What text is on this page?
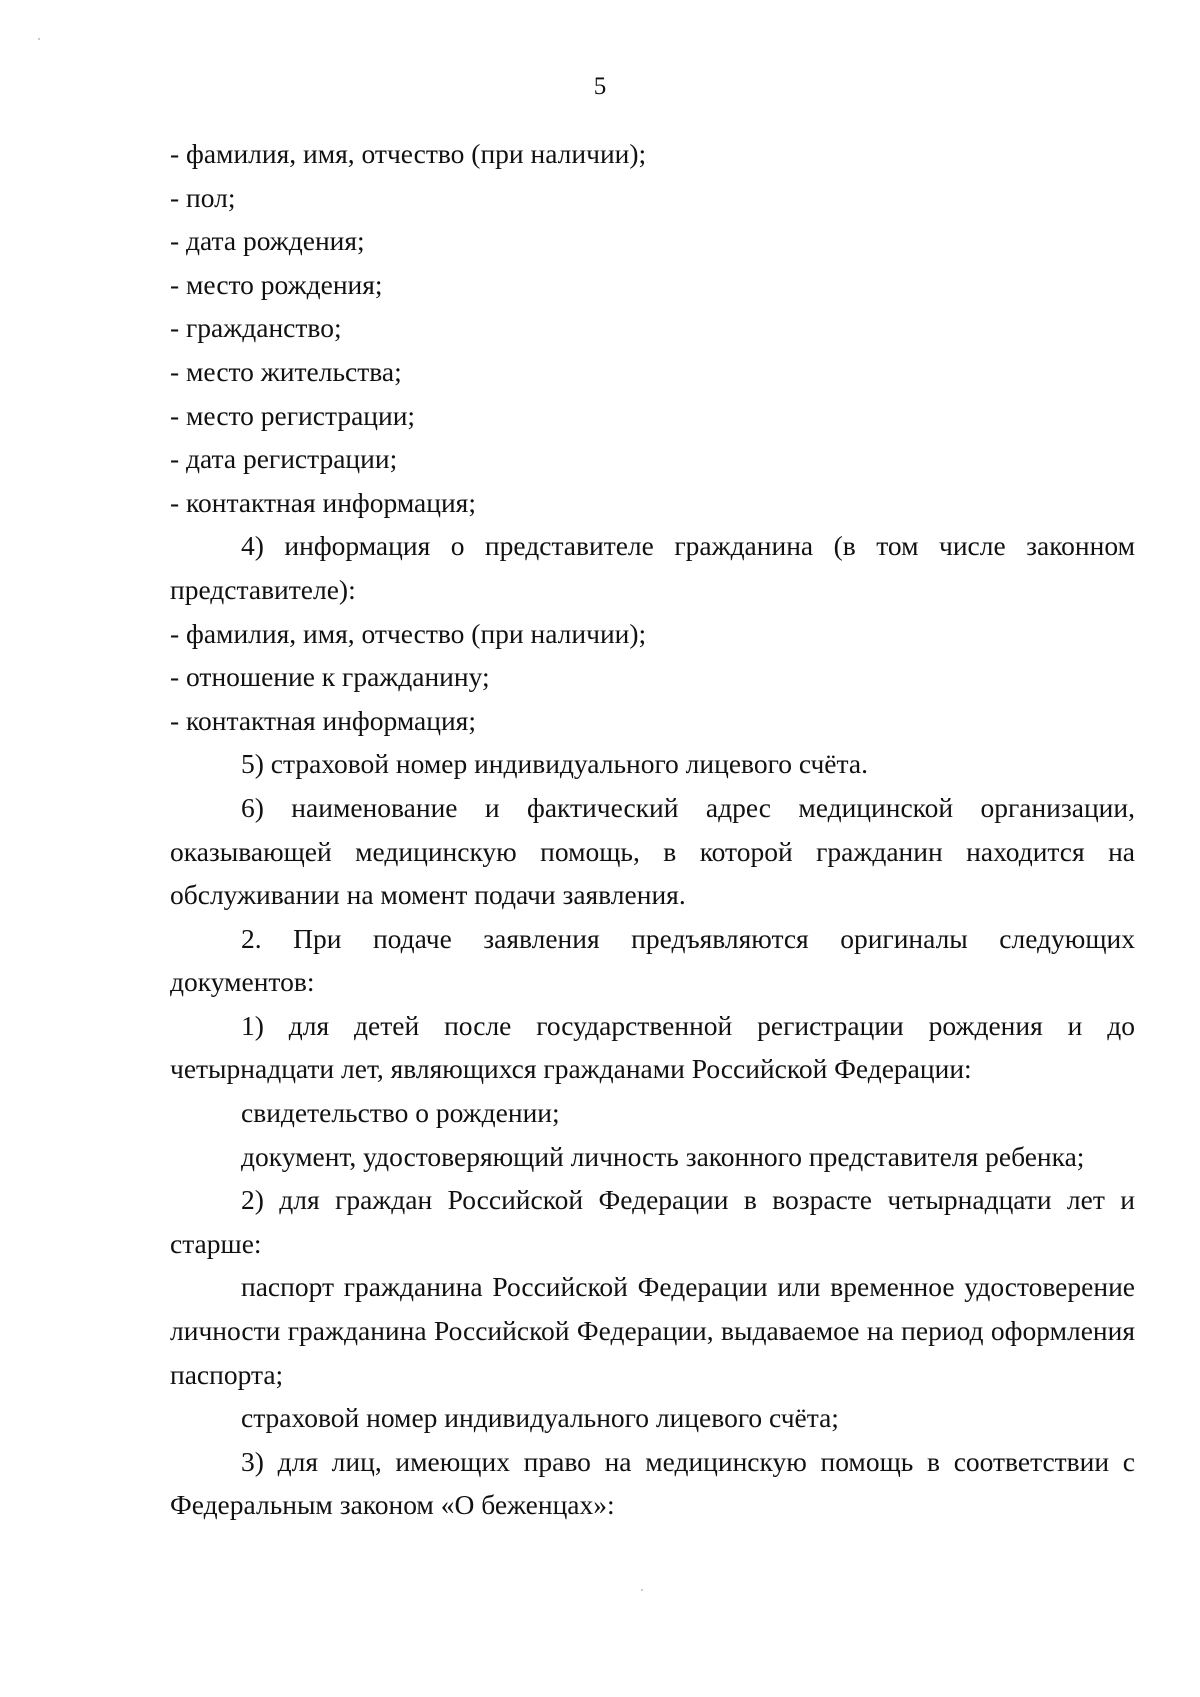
5

- фамилия, имя, отчество (при наличии);

- пол;

- дата рождения;

- место рождения;

- гражданство;

- место жительства;

- место регистрации;

- дата регистрации;

- контактная информация;

4) информация о представителе гражданина (в том числе законном представителе):

- фамилия, имя, отчество (при наличии);

- отношение к гражданину;

- контактная информация;

5) страховой номер индивидуального лицевого счёта.

6) наименование и фактический адрес медицинской организации, оказывающей медицинскую помощь, в которой гражданин находится на обслуживании на момент подачи заявления.

2. При подаче заявления предъявляются оригиналы следующих документов:

1) для детей после государственной регистрации рождения и до четырнадцати лет, являющихся гражданами Российской Федерации:

свидетельство о рождении;

документ, удостоверяющий личность законного представителя ребенка;

2) для граждан Российской Федерации в возрасте четырнадцати лет и старше:

паспорт гражданина Российской Федерации или временное удостоверение личности гражданина Российской Федерации, выдаваемое на период оформления паспорта;

страховой номер индивидуального лицевого счёта;

3) для лиц, имеющих право на медицинскую помощь в соответствии с Федеральным законом «О беженцах»:
